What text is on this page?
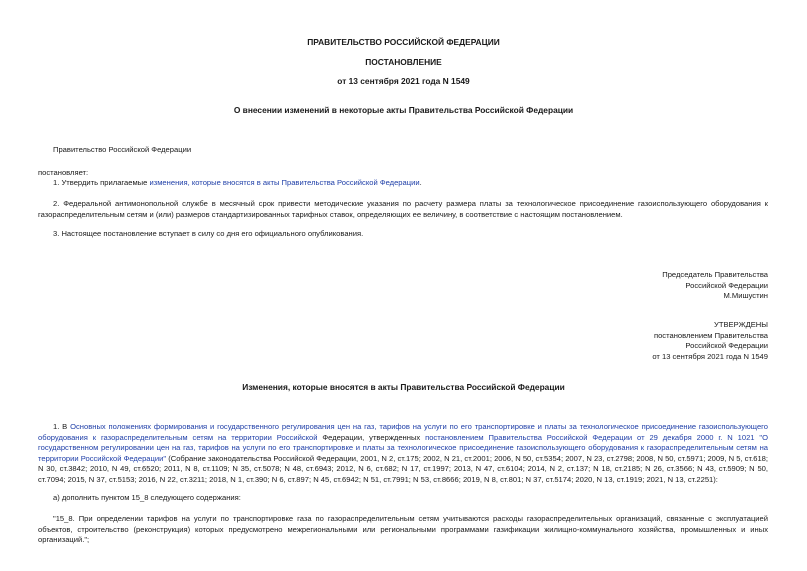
ПРАВИТЕЛЬСТВО РОССИЙСКОЙ ФЕДЕРАЦИИ
ПОСТАНОВЛЕНИЕ
от 13 сентября 2021 года N 1549
О внесении изменений в некоторые акты Правительства Российской Федерации
Правительство Российской Федерации
постановляет:
1. Утвердить прилагаемые изменения, которые вносятся в акты Правительства Российской Федерации.
2. Федеральной антимонопольной службе в месячный срок привести методические указания по расчету размера платы за технологическое присоединение газоиспользующего оборудования к газораспределительным сетям и (или) размеров стандартизированных тарифных ставок, определяющих ее величину, в соответствие с настоящим постановлением.
3. Настоящее постановление вступает в силу со дня его официального опубликования.
Председатель Правительства
Российской Федерации
М.Мишустин
УТВЕРЖДЕНЫ
постановлением Правительства
Российской Федерации
от 13 сентября 2021 года N 1549
Изменения, которые вносятся в акты Правительства Российской Федерации
1. В Основных положениях формирования и государственного регулирования цен на газ, тарифов на услуги по его транспортировке и платы за технологическое присоединение газоиспользующего оборудования к газораспределительным сетям на территории Российской Федерации, утвержденных постановлением Правительства Российской Федерации от 29 декабря 2000 г. N 1021 "О государственном регулировании цен на газ, тарифов на услуги по его транспортировке и платы за технологическое присоединение газоиспользующего оборудования к газораспределительным сетям на территории Российской Федерации" (Собрание законодательства Российской Федерации, 2001, N 2, ст.175; 2002, N 21, ст.2001; 2006, N 50, ст.5354; 2007, N 23, ст.2798; 2008, N 50, ст.5971; 2009, N 5, ст.618; N 30, ст.3842; 2010, N 49, ст.6520; 2011, N 8, ст.1109; N 35, ст.5078; N 48, ст.6943; 2012, N 6, ст.682; N 17, ст.1997; 2013, N 47, ст.6104; 2014, N 2, ст.137; N 18, ст.2185; N 26, ст.3566; N 43, ст.5909; N 50, ст.7094; 2015, N 37, ст.5153; 2016, N 22, ст.3211; 2018, N 1, ст.390; N 6, ст.897; N 45, ст.6942; N 51, ст.7991; N 53, ст.8666; 2019, N 8, ст.801; N 37, ст.5174; 2020, N 13, ст.1919; 2021, N 13, ст.2251):
а) дополнить пунктом 15_8 следующего содержания:
"15_8. При определении тарифов на услуги по транспортировке газа по газораспределительным сетям учитываются расходы газораспределительных организаций, связанные с эксплуатацией объектов, строительство (реконструкция) которых предусмотрено межрегиональными или региональными программами газификации жилищно-коммунального хозяйства, промышленных и иных организаций.";
